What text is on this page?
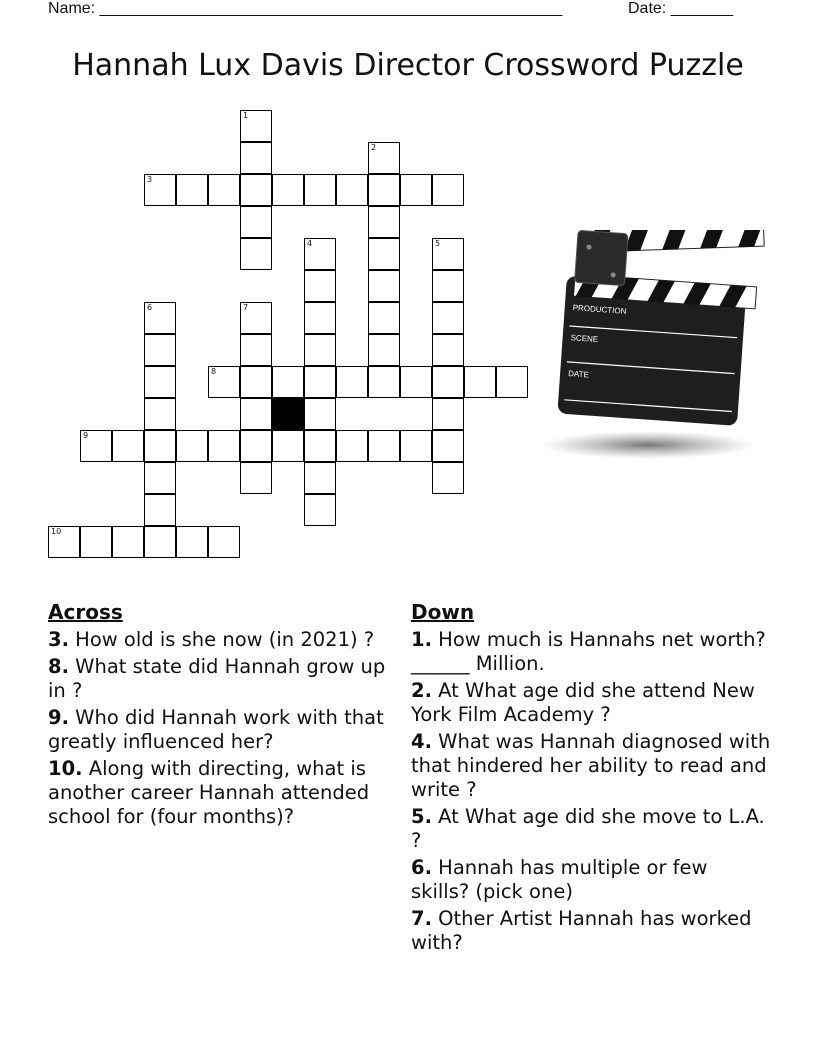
Name: ____________________________________________________	Date: _______
Hannah Lux Davis Director Crossword Puzzle
1
2
3
4	5
6	7
8
9
10
PRODUCTION
SCENE
DATE
Across
3. How old is she now (in 2021) ?
8. What state did Hannah grow up in ?
9. Who did Hannah work with that greatly influenced her?
10. Along with directing, what is another career Hannah attended school for (four months)?
Down
1. How much is Hannahs net worth? ______ Million.
2. At What age did she attend New York Film Academy ?
4. What was Hannah diagnosed with that hindered her ability to read and write ?
5. At What age did she move to L.A. ?
6. Hannah has multiple or few skills? (pick one)
7. Other Artist Hannah has worked with?
